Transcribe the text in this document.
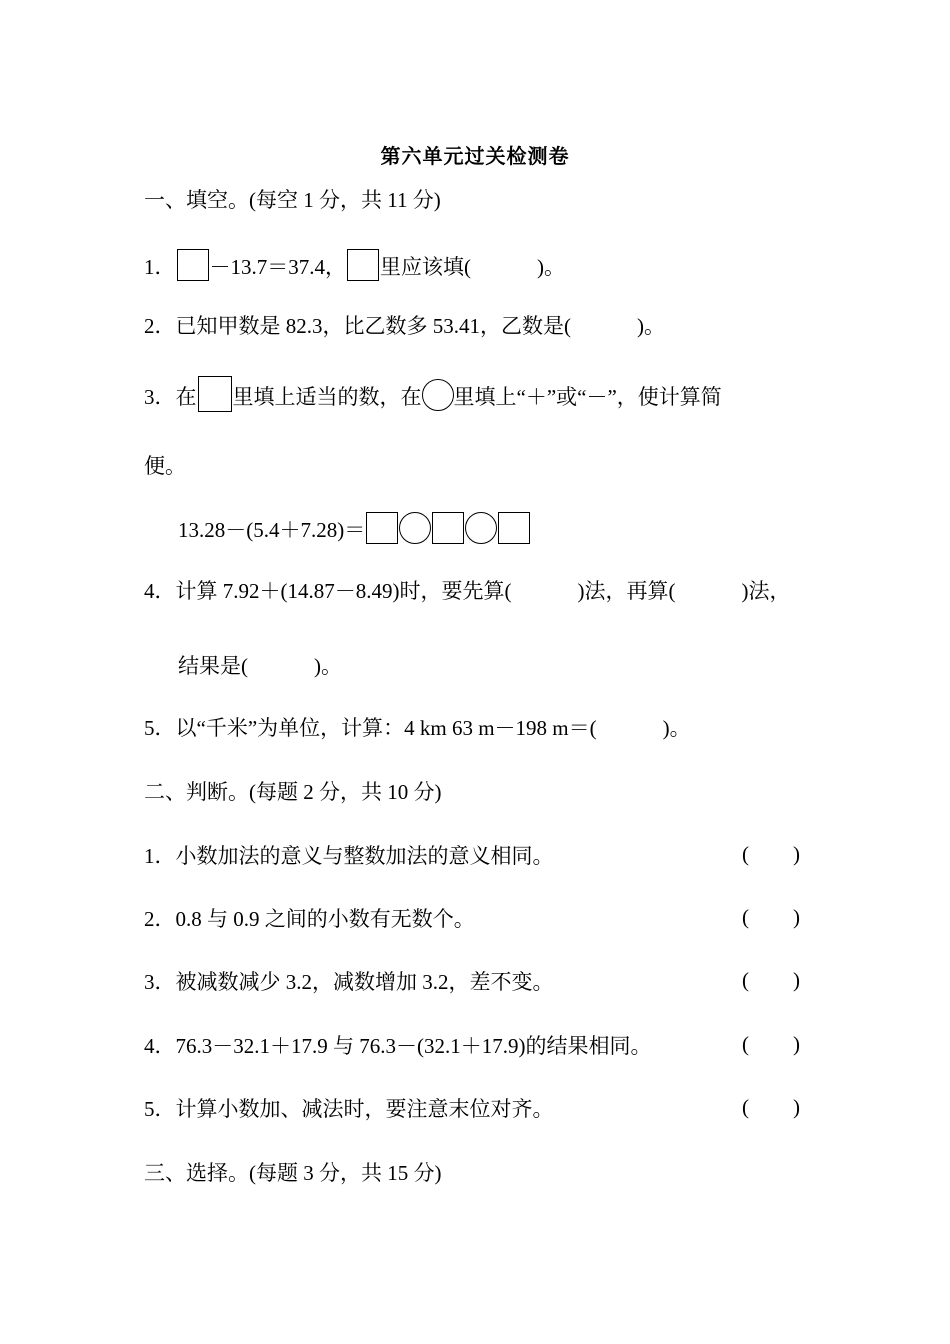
第六单元过关检测卷
一、填空。(每空 1 分，共 11 分)
1． －13.7＝37.4， 里应该填(	)。
2．已知甲数是 82.3，比乙数多 53.41，乙数是(	)。
3．在 里填上适当的数，在 里填上“＋”或“－”，使计算简
便。
13.28－(5.4＋7.28)＝
4．计算 7.92＋(14.87－8.49)时，要先算(	)法，再算(	)法，
结果是(	)。
5．以“千米”为单位，计算：4 km 63 m－198 m＝(	)。
二、判断。(每题 2 分，共 10 分)
1．小数加法的意义与整数加法的意义相同。	( )
2．0.8 与 0.9 之间的小数有无数个。	( )
3．被减数减少 3.2，减数增加 3.2，差不变。	( )
4．76.3－32.1＋17.9 与 76.3－(32.1＋17.9)的结果相同。	( )
5．计算小数加、减法时，要注意末位对齐。	( )
三、选择。(每题 3 分，共 15 分)
